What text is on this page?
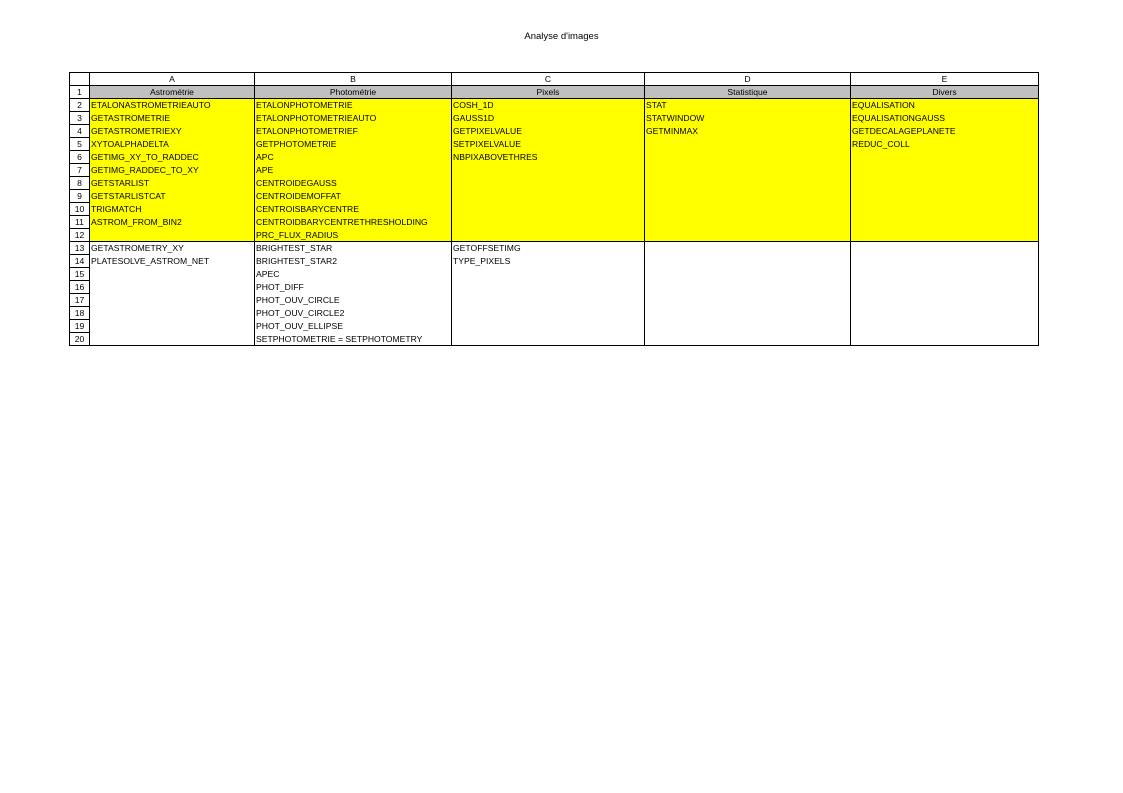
Analyse d'images
	A	B	C	D	E
1	Astrométrie	Photométrie	Pixels	Statistique	Divers
2	ETALONASTROMETRIEAUTO	ETALONPHOTOMETRIE	COSH_1D	STAT	EQUALISATION
3	GETASTROMETRIE	ETALONPHOTOMETRIEAUTO	GAUSS1D	STATWINDOW	EQUALISATIONGAUSS
4	GETASTROMETRIEXY	ETALONPHOTOMETRIEF	GETPIXELVALUE	GETMINMAX	GETDECALAGEPLANETE
5	XYTOALPHADELTA	GETPHOTOMETRIE	SETPIXELVALUE		REDUC_COLL
6	GETIMG_XY_TO_RADDEC	APC	NBPIXABOVETHRES		
7	GETIMG_RADDEC_TO_XY	APE			
8	GETSTARLIST	CENTROIDEGAUSS			
9	GETSTARLISTCAT	CENTROIDEMOFFAT			
10	TRIGMATCH	CENTROISBARYCENTRE			
11	ASTROM_FROM_BIN2	CENTROIDBARYCENTRETHRESHOLDING			
12		PRC_FLUX_RADIUS			
13	GETASTROMETRY_XY	BRIGHTEST_STAR	GETOFFSETIMG		
14	PLATESOLVE_ASTROM_NET	BRIGHTEST_STAR2	TYPE_PIXELS		
15		APEC			
16		PHOT_DIFF			
17		PHOT_OUV_CIRCLE			
18		PHOT_OUV_CIRCLE2			
19		PHOT_OUV_ELLIPSE			
20		SETPHOTOMETRIE = SETPHOTOMETRY			
